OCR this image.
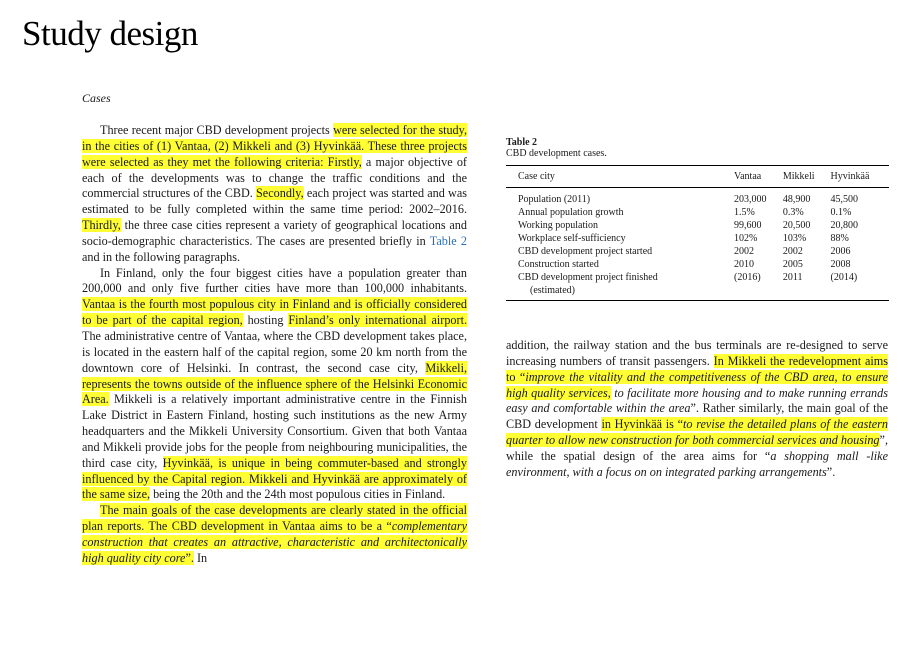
Study design
Cases

Three recent major CBD development projects were selected for the study, in the cities of (1) Vantaa, (2) Mikkeli and (3) Hyvinkää. These three projects were selected as they met the following criteria: Firstly, a major objective of each of the developments was to change the traffic conditions and the commercial structures of the CBD. Secondly, each project was started and was estimated to be fully completed within the same time period: 2002–2016. Thirdly, the three case cities represent a variety of geographical locations and socio-demographic characteristics. The cases are presented briefly in Table 2 and in the following paragraphs.

In Finland, only the four biggest cities have a population greater than 200,000 and only five further cities have more than 100,000 inhabitants. Vantaa is the fourth most populous city in Finland and is officially considered to be part of the capital region, hosting Finland’s only international airport. The administrative centre of Vantaa, where the CBD development takes place, is located in the eastern half of the capital region, some 20 km north from the downtown core of Helsinki. In contrast, the second case city, Mikkeli, represents the towns outside of the influence sphere of the Helsinki Economic Area. Mikkeli is a relatively important administrative centre in the Finnish Lake District in Eastern Finland, hosting such institutions as the new Army headquarters and the Mikkeli University Consortium. Given that both Vantaa and Mikkeli provide jobs for the people from neighbouring municipalities, the third case city, Hyvinkää, is unique in being commuter-based and strongly influenced by the Capital region. Mikkeli and Hyvinkää are approximately of the same size, being the 20th and the 24th most populous cities in Finland.

The main goals of the case developments are clearly stated in the official plan reports. The CBD development in Vantaa aims to be a “complementary construction that creates an attractive, characteristic and architectonically high quality city core”. In

Table 2
CBD development cases.
Case city	Vantaa	Mikkeli	Hyvinkää
Population (2011)	203,000	48,900	45,500
Annual population growth	1.5%	0.3%	0.1%
Working population	99,600	20,500	20,800
Workplace self-sufficiency	102%	103%	88%
CBD development project started	2002	2002	2006
Construction started	2010	2005	2008
CBD development project finished
(estimated)	(2016)	2011	(2014)

addition, the railway station and the bus terminals are re-designed to serve increasing numbers of transit passengers. In Mikkeli the redevelopment aims to “improve the vitality and the competitiveness of the CBD area, to ensure high quality services, to facilitate more housing and to make running errands easy and comfortable within the area”. Rather similarly, the main goal of the CBD development in Hyvinkää is “to revise the detailed plans of the eastern quarter to allow new construction for both commercial services and housing”, while the spatial design of the area aims for “a shopping mall -like environment, with a focus on on integrated parking arrangements”.
